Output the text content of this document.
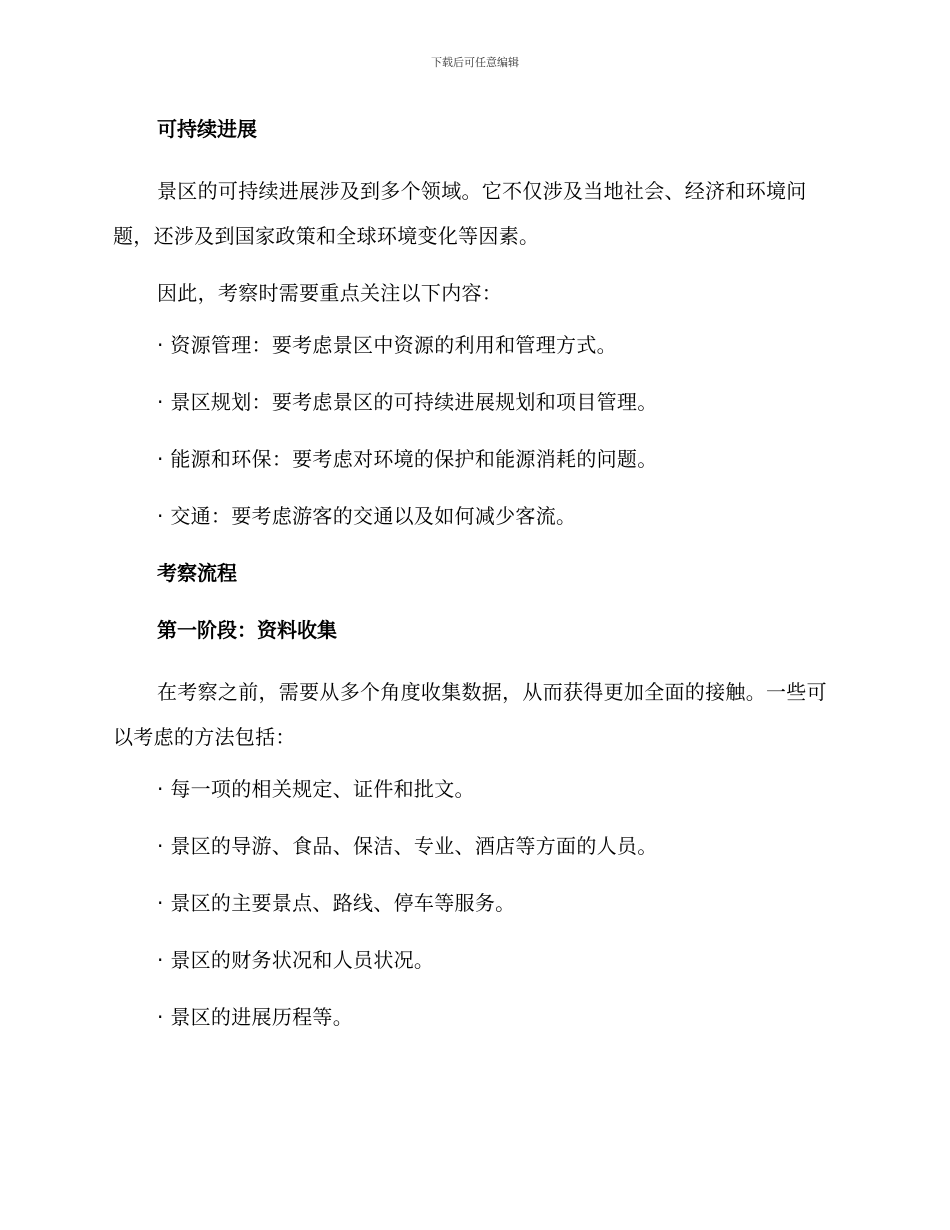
下载后可任意编辑

可持续进展

景区的可持续进展涉及到多个领域。它不仅涉及当地社会、经济和环境问题，还涉及到国家政策和全球环境变化等因素。

因此，考察时需要重点关注以下内容：

· 资源管理：要考虑景区中资源的利用和管理方式。

· 景区规划：要考虑景区的可持续进展规划和项目管理。

· 能源和环保：要考虑对环境的保护和能源消耗的问题。

· 交通：要考虑游客的交通以及如何减少客流。

考察流程

第一阶段：资料收集

在考察之前，需要从多个角度收集数据，从而获得更加全面的接触。一些可以考虑的方法包括：

· 每一项的相关规定、证件和批文。

· 景区的导游、食品、保洁、专业、酒店等方面的人员。

· 景区的主要景点、路线、停车等服务。

· 景区的财务状况和人员状况。

· 景区的进展历程等。
